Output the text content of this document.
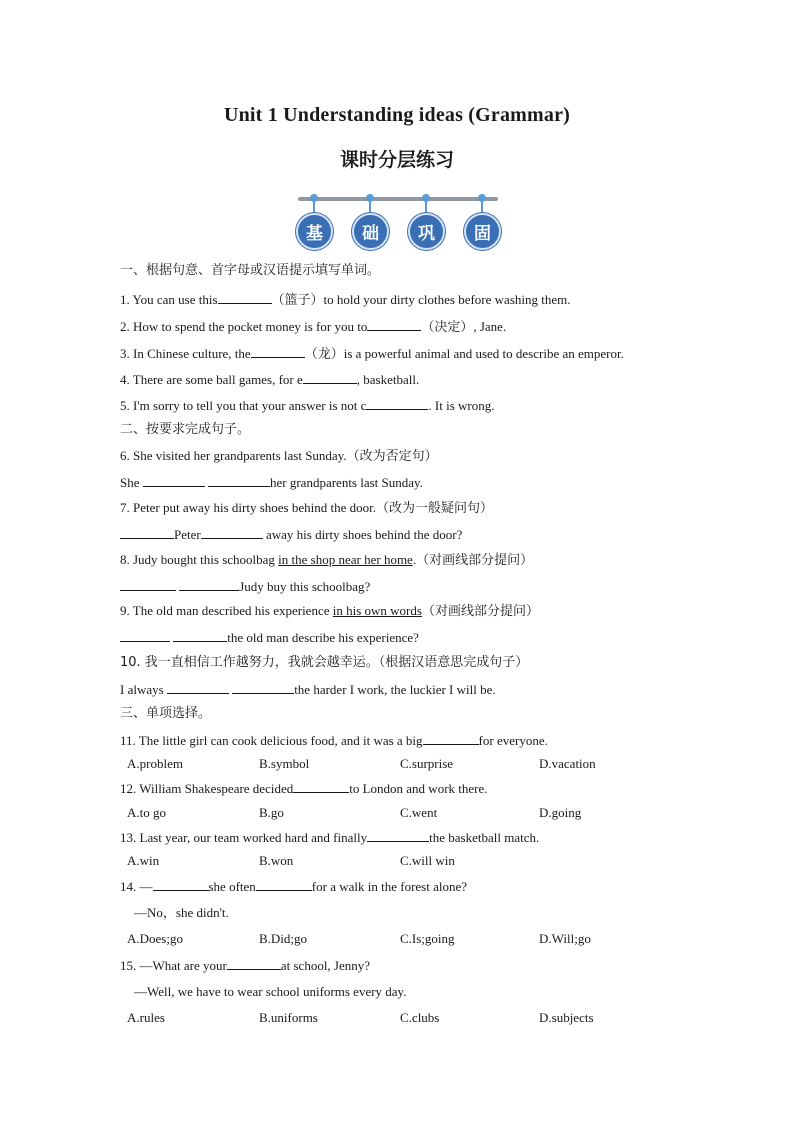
Unit 1 Understanding ideas (Grammar)
课时分层练习
基	础	巩	固
一、根据句意、首字母或汉语提示填写单词。
1. You can use this	（篮子）to hold your dirty clothes before washing them.
2. How to spend the pocket money is for you to	（决定）, Jane.
3. In Chinese culture, the	（龙）is a powerful animal and used to describe an emperor.
4. There are some ball games, for e	, basketball.
5. I'm sorry to tell you that your answer is not c	. It is wrong.
二、按要求完成句子。
6. She visited her grandparents last Sunday.（改为否定句）
She	her grandparents last Sunday.
7. Peter put away his dirty shoes behind the door.（改为一般疑问句）
Peter	away his dirty shoes behind the door?
8. Judy bought this schoolbag in the shop near her home.（对画线部分提问）
Judy buy this schoolbag?
9. The old man described his experience in his own words（对画线部分提问）
the old man describe his experience?
10. 我一直相信工作越努力，我就会越幸运。（根据汉语意思完成句子）
I always	the harder I work, the luckier I will be.
三、单项选择。
11. The little girl can cook delicious food, and it was a big	for everyone.
A.problem	B.symbol	C.surprise	D.vacation
12. William Shakespeare decided	to London and work there.
A.to go	B.go	C.went	D.going
13. Last year, our team worked hard and finally	the basketball match.
A.win	B.won	C.will win
14. —	she often	for a walk in the forest alone?
—No，she didn't.
A.Does;go	B.Did;go	C.Is;going	D.Will;go
15. —What are your	at school, Jenny?
—Well, we have to wear school uniforms every day.
A.rules	B.uniforms	C.clubs	D.subjects
